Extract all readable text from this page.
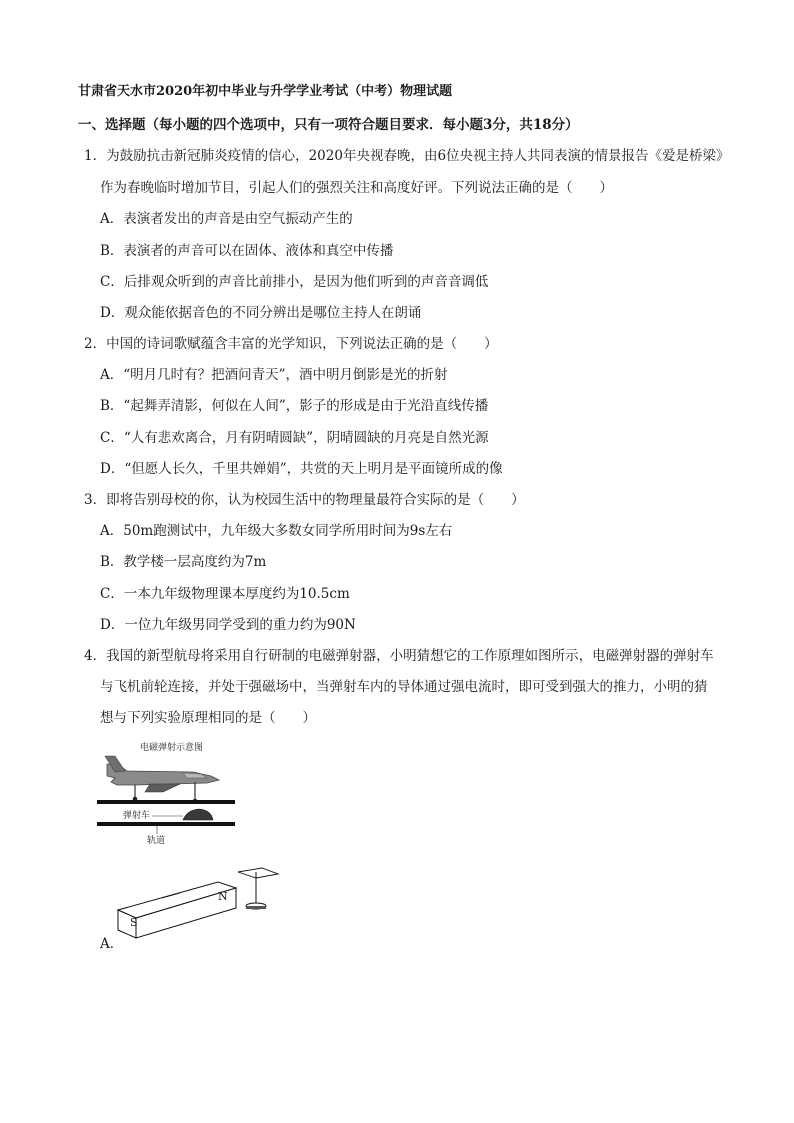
甘肃省天水市2020年初中毕业与升学学业考试（中考）物理试题
一、选择题（每小题的四个选项中，只有一项符合题目要求．每小题3分，共18分）
1．为鼓励抗击新冠肺炎疫情的信心，2020年央视春晚，由6位央视主持人共同表演的情景报告《爱是桥梁》
作为春晚临时增加节目，引起人们的强烈关注和高度好评。下列说法正确的是（　　）
A．表演者发出的声音是由空气振动产生的
B．表演者的声音可以在固体、液体和真空中传播
C．后排观众听到的声音比前排小，是因为他们听到的声音音调低
D．观众能依据音色的不同分辨出是哪位主持人在朗诵
2．中国的诗词歌赋蕴含丰富的光学知识，下列说法正确的是（　　）
A．“明月几时有？把酒问青天”，酒中明月倒影是光的折射
B．“起舞弄清影，何似在人间”，影子的形成是由于光沿直线传播
C．“人有悲欢离合，月有阴晴圆缺”，阴晴圆缺的月亮是自然光源
D．“但愿人长久，千里共婵娟”，共赏的天上明月是平面镜所成的像
3．即将告别母校的你，认为校园生活中的物理量最符合实际的是（　　）
A．50m跑测试中，九年级大多数女同学所用时间为9s左右
B．教学楼一层高度约为7m
C．一本九年级物理课本厚度约为10.5cm
D．一位九年级男同学受到的重力约为90N
4．我国的新型航母将采用自行研制的电磁弹射器，小明猜想它的工作原理如图所示，电磁弹射器的弹射车
与飞机前轮连接，并处于强磁场中，当弹射车内的导体通过强电流时，即可受到强大的推力，小明的猜
想与下列实验原理相同的是（　　）
电磁弹射示意图
弹射车
轨道
S
N
A．
